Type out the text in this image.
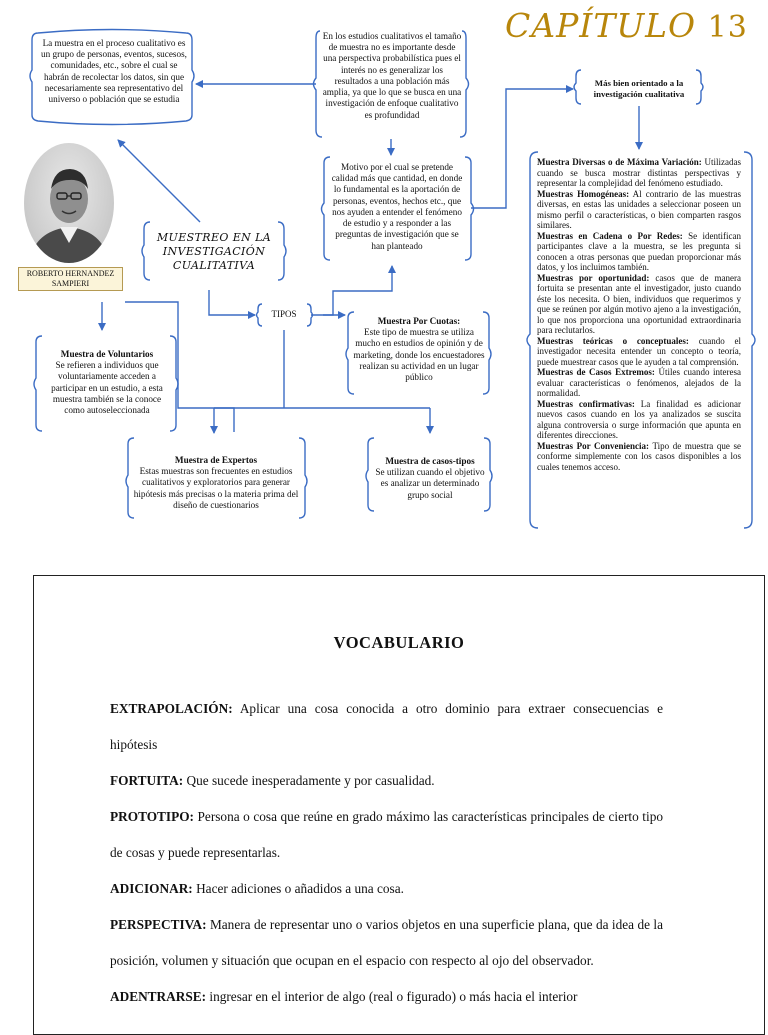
CAPÍTULO 13
La muestra en el proceso cualitativo es un grupo de personas, eventos, sucesos, comunidades, etc., sobre el cual se habrán de recolectar los datos, sin que necesariamente sea representativo del universo o población que se estudia
En los estudios cualitativos el tamaño de muestra no es importante desde una perspectiva probabilística pues el interés no es generalizar los resultados a una población más amplia, ya que lo que se busca en una investigación de enfoque cualitativo es profundidad
Motivo por el cual se pretende calidad más que cantidad, en donde lo fundamental es la aportación de personas, eventos, hechos etc., que nos ayuden a entender el fenómeno de estudio y a responder a las preguntas de investigación que se han planteado
Más bien orientado a la investigación cualitativa
ROBERTO HERNANDEZ SAMPIERI
MUESTREO EN LA INVESTIGACIÓN CUALITATIVA
TIPOS
Muestra de Voluntarios
Se refieren a individuos que voluntariamente acceden a participar en un estudio, a esta muestra también se la conoce como autoseleccionada
Muestra Por Cuotas:
Este tipo de muestra se utiliza mucho en estudios de opinión y de marketing, donde los encuestadores realizan su actividad en un lugar público
Muestra de Expertos
Estas muestras son frecuentes en estudios cualitativos y exploratorios para generar hipótesis más precisas o la materia prima del diseño de cuestionarios
Muestra de casos-tipos
Se utilizan cuando el objetivo es analizar un determinado grupo social

Muestra Diversas o de Máxima Variación: Utilizadas cuando se busca mostrar distintas perspectivas y representar la complejidad del fenómeno estudiado.

Muestras Homogéneas: Al contrario de las muestras diversas, en estas las unidades a seleccionar poseen un mismo perfil o características, o bien comparten rasgos similares.

Muestras en Cadena o Por Redes: Se identifican participantes clave a la muestra, se les pregunta si conocen a otras personas que puedan proporcionar más datos, y los incluimos también.

Muestras por oportunidad: casos que de manera fortuita se presentan ante el investigador, justo cuando éste los necesita. O bien, individuos que requerimos y que se reúnen por algún motivo ajeno a la investigación, lo que nos proporciona una oportunidad extraordinaria para reclutarlos.

Muestras teóricas o conceptuales: cuando el investigador necesita entender un concepto o teoría, puede muestrear casos que le ayuden a tal comprensión.

Muestras de Casos Extremos: Útiles cuando interesa evaluar características o fenómenos, alejados de la normalidad.

Muestras confirmativas: La finalidad es adicionar nuevos casos cuando en los ya analizados se suscita alguna controversia o surge información que apunta en diferentes direcciones.

Muestras Por Conveniencia: Tipo de muestra que se conforme simplemente con los casos disponibles a los cuales tenemos acceso.

VOCABULARIO

EXTRAPOLACIÓN: Aplicar una cosa conocida a otro dominio para extraer consecuencias e hipótesis

FORTUITA: Que sucede inesperadamente y por casualidad.

PROTOTIPO: Persona o cosa que reúne en grado máximo las características principales de cierto tipo de cosas y puede representarlas.

ADICIONAR: Hacer adiciones o añadidos a una cosa.

PERSPECTIVA: Manera de representar uno o varios objetos en una superficie plana, que da idea de la posición, volumen y situación que ocupan en el espacio con respecto al ojo del observador.

ADENTRARSE: ingresar en el interior de algo (real o figurado) o más hacia el interior
